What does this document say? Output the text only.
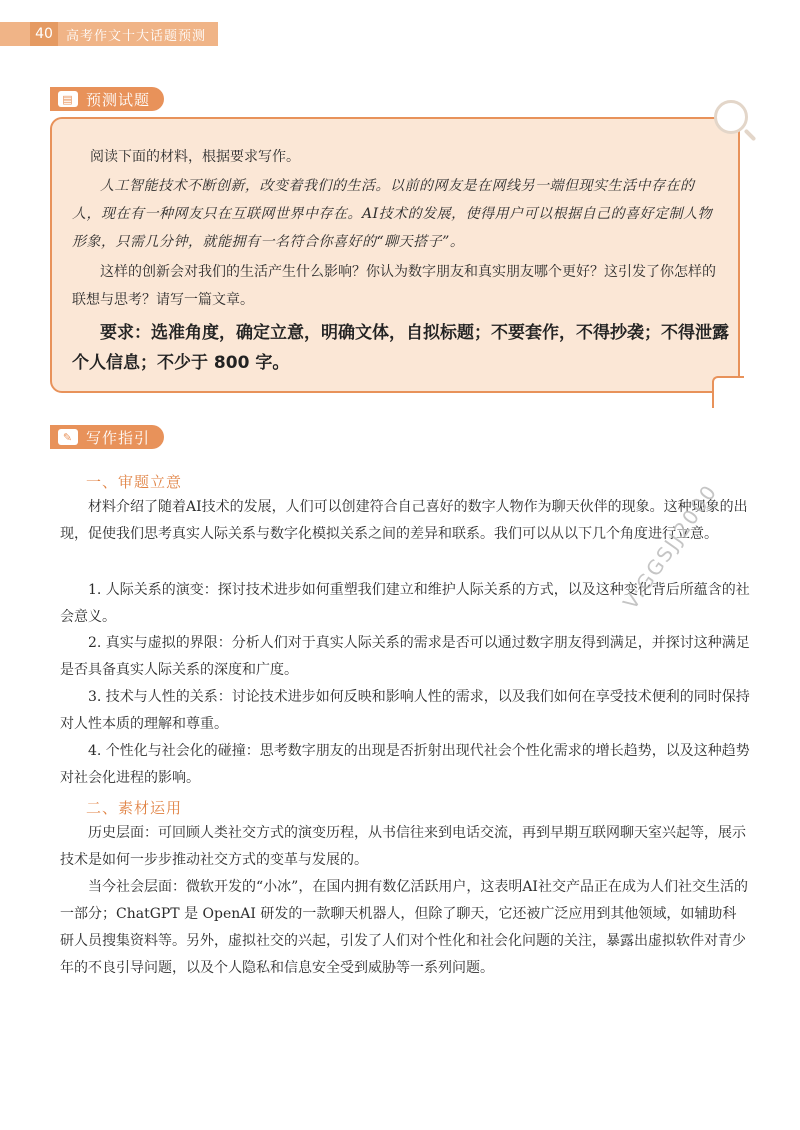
40	高考作文十大话题预测
▤ 预测试题
阅读下面的材料，根据要求写作。
人工智能技术不断创新，改变着我们的生活。以前的网友是在网线另一端但现实生活中存在的人，现在有一种网友只在互联网世界中存在。AI技术的发展，使得用户可以根据自己的喜好定制人物形象，只需几分钟，就能拥有一名符合你喜好的“聊天搭子”。
这样的创新会对我们的生活产生什么影响？你认为数字朋友和真实朋友哪个更好？这引发了你怎样的联想与思考？请写一篇文章。
要求：选准角度，确定立意，明确文体，自拟标题；不要套作，不得抄袭；不得泄露个人信息；不少于 800 字。
✎ 写作指引
一、审题立意
材料介绍了随着AI技术的发展，人们可以创建符合自己喜好的数字人物作为聊天伙伴的现象。这种现象的出现，促使我们思考真实人际关系与数字化模拟关系之间的差异和联系。我们可以从以下几个角度进行立意。
1. 人际关系的演变：探讨技术进步如何重塑我们建立和维护人际关系的方式，以及这种变化背后所蕴含的社会意义。
2. 真实与虚拟的界限：分析人们对于真实人际关系的需求是否可以通过数字朋友得到满足，并探讨这种满足是否具备真实人际关系的深度和广度。
3. 技术与人性的关系：讨论技术进步如何反映和影响人性的需求，以及我们如何在享受技术便利的同时保持对人性本质的理解和尊重。
4. 个性化与社会化的碰撞：思考数字朋友的出现是否折射出现代社会个性化需求的增长趋势，以及这种趋势对社会化进程的影响。
二、素材运用
历史层面：可回顾人类社交方式的演变历程，从书信往来到电话交流，再到早期互联网聊天室兴起等，展示技术是如何一步步推动社交方式的变革与发展的。
当今社会层面：微软开发的“小冰”，在国内拥有数亿活跃用户，这表明AI社交产品正在成为人们社交生活的一部分；ChatGPT 是 OpenAI 研发的一款聊天机器人，但除了聊天，它还被广泛应用到其他领域，如辅助科研人员搜集资料等。另外，虚拟社交的兴起，引发了人们对个性化和社会化问题的关注，暴露出虚拟软件对青少年的不良引导问题，以及个人隐私和信息安全受到威胁等一系列问题。
V:GGSJJ2000
